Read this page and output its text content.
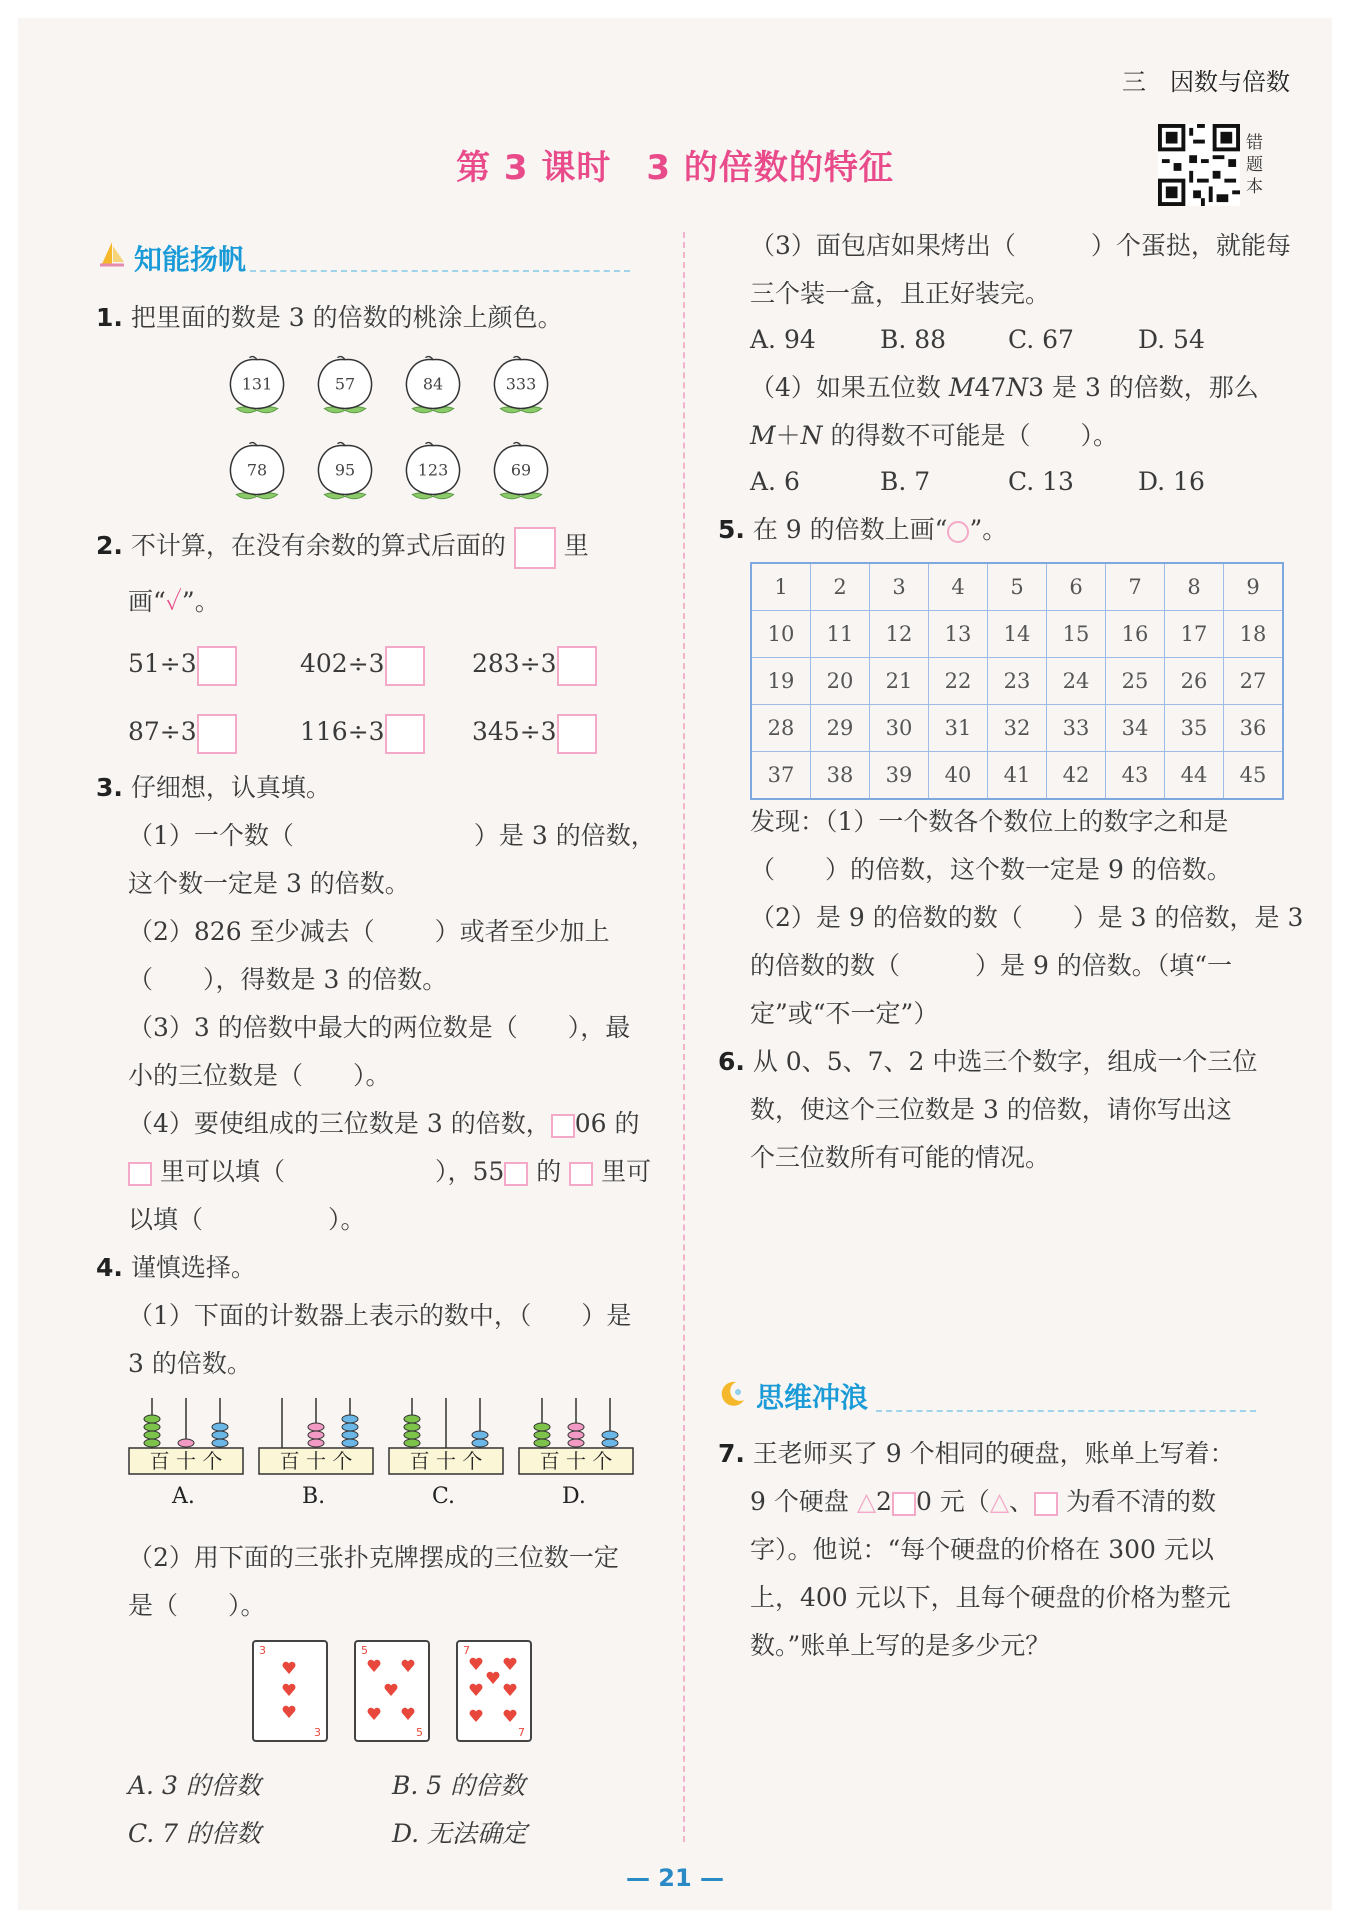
三　因数与倍数
第 3 课时　3 的倍数的特征
错
题
本
知能扬帆
1. 把里面的数是 3 的倍数的桃涂上颜色。
131	57	84	333
78	95	123	69
2. 不计算，在没有余数的算式后面的 里
画“✓”。
51÷3	402÷3	283÷3
87÷3	116÷3	345÷3
3. 仔细想，认真填。
（1）一个数（	）是 3 的倍数，
这个数一定是 3 的倍数。
（2）826 至少减去（ ）或者至少加上
（　　），得数是 3 的倍数。
（3）3 的倍数中最大的两位数是（ ），最
小的三位数是（　　）。
（4）要使组成的三位数是 3 的倍数， 06 的
里可以填（	），55 的 里可
以填（　　　　　）。
4. 谨慎选择。
（1）下面的计数器上表示的数中，（ ）是
3 的倍数。
百 十 个
A.
百 十 个
B.
百 十 个
C.
百 十 个
D.
（2）用下面的三张扑克牌摆成的三位数一定
是（　　）。
3
3
5
5
7
7
A. 3 的倍数	B. 5 的倍数
C. 7 的倍数	D. 无法确定
（3）面包店如果烤出（　　　）个蛋挞，就能每
三个装一盒，且正好装完。
A. 94	B. 88 C. 67	D. 54
（4）如果五位数 M47N3 是 3 的倍数，那么
M＋N 的得数不可能是（　　）。
A. 6	B. 7	C. 13	D. 16
5. 在 9 的倍数上画“ ”。
1	2	3	4	5	6	7	8	9
10	11	12	13	14	15	16	17	18
19	20	21	22	23	24	25	26	27
28	29	30	31	32	33	34	35	36
37	38	39	40	41	42	43	44	45
发现：（1）一个数各个数位上的数字之和是
（　　）的倍数，这个数一定是 9 的倍数。
（2）是 9 的倍数的数（　　）是 3 的倍数，是 3
的倍数的数（　　　）是 9 的倍数。（填“一
定”或“不一定”）
6. 从 0、5、7、2 中选三个数字，组成一个三位
数，使这个三位数是 3 的倍数，请你写出这
个三位数所有可能的情况。
思维冲浪
7. 王老师买了 9 个相同的硬盘，账单上写着：
9 个硬盘 △2 0 元（△、 为看不清的数
字）。他说：“每个硬盘的价格在 300 元以
上，400 元以下，且每个硬盘的价格为整元
数。”账单上写的是多少元？
— 21 —
